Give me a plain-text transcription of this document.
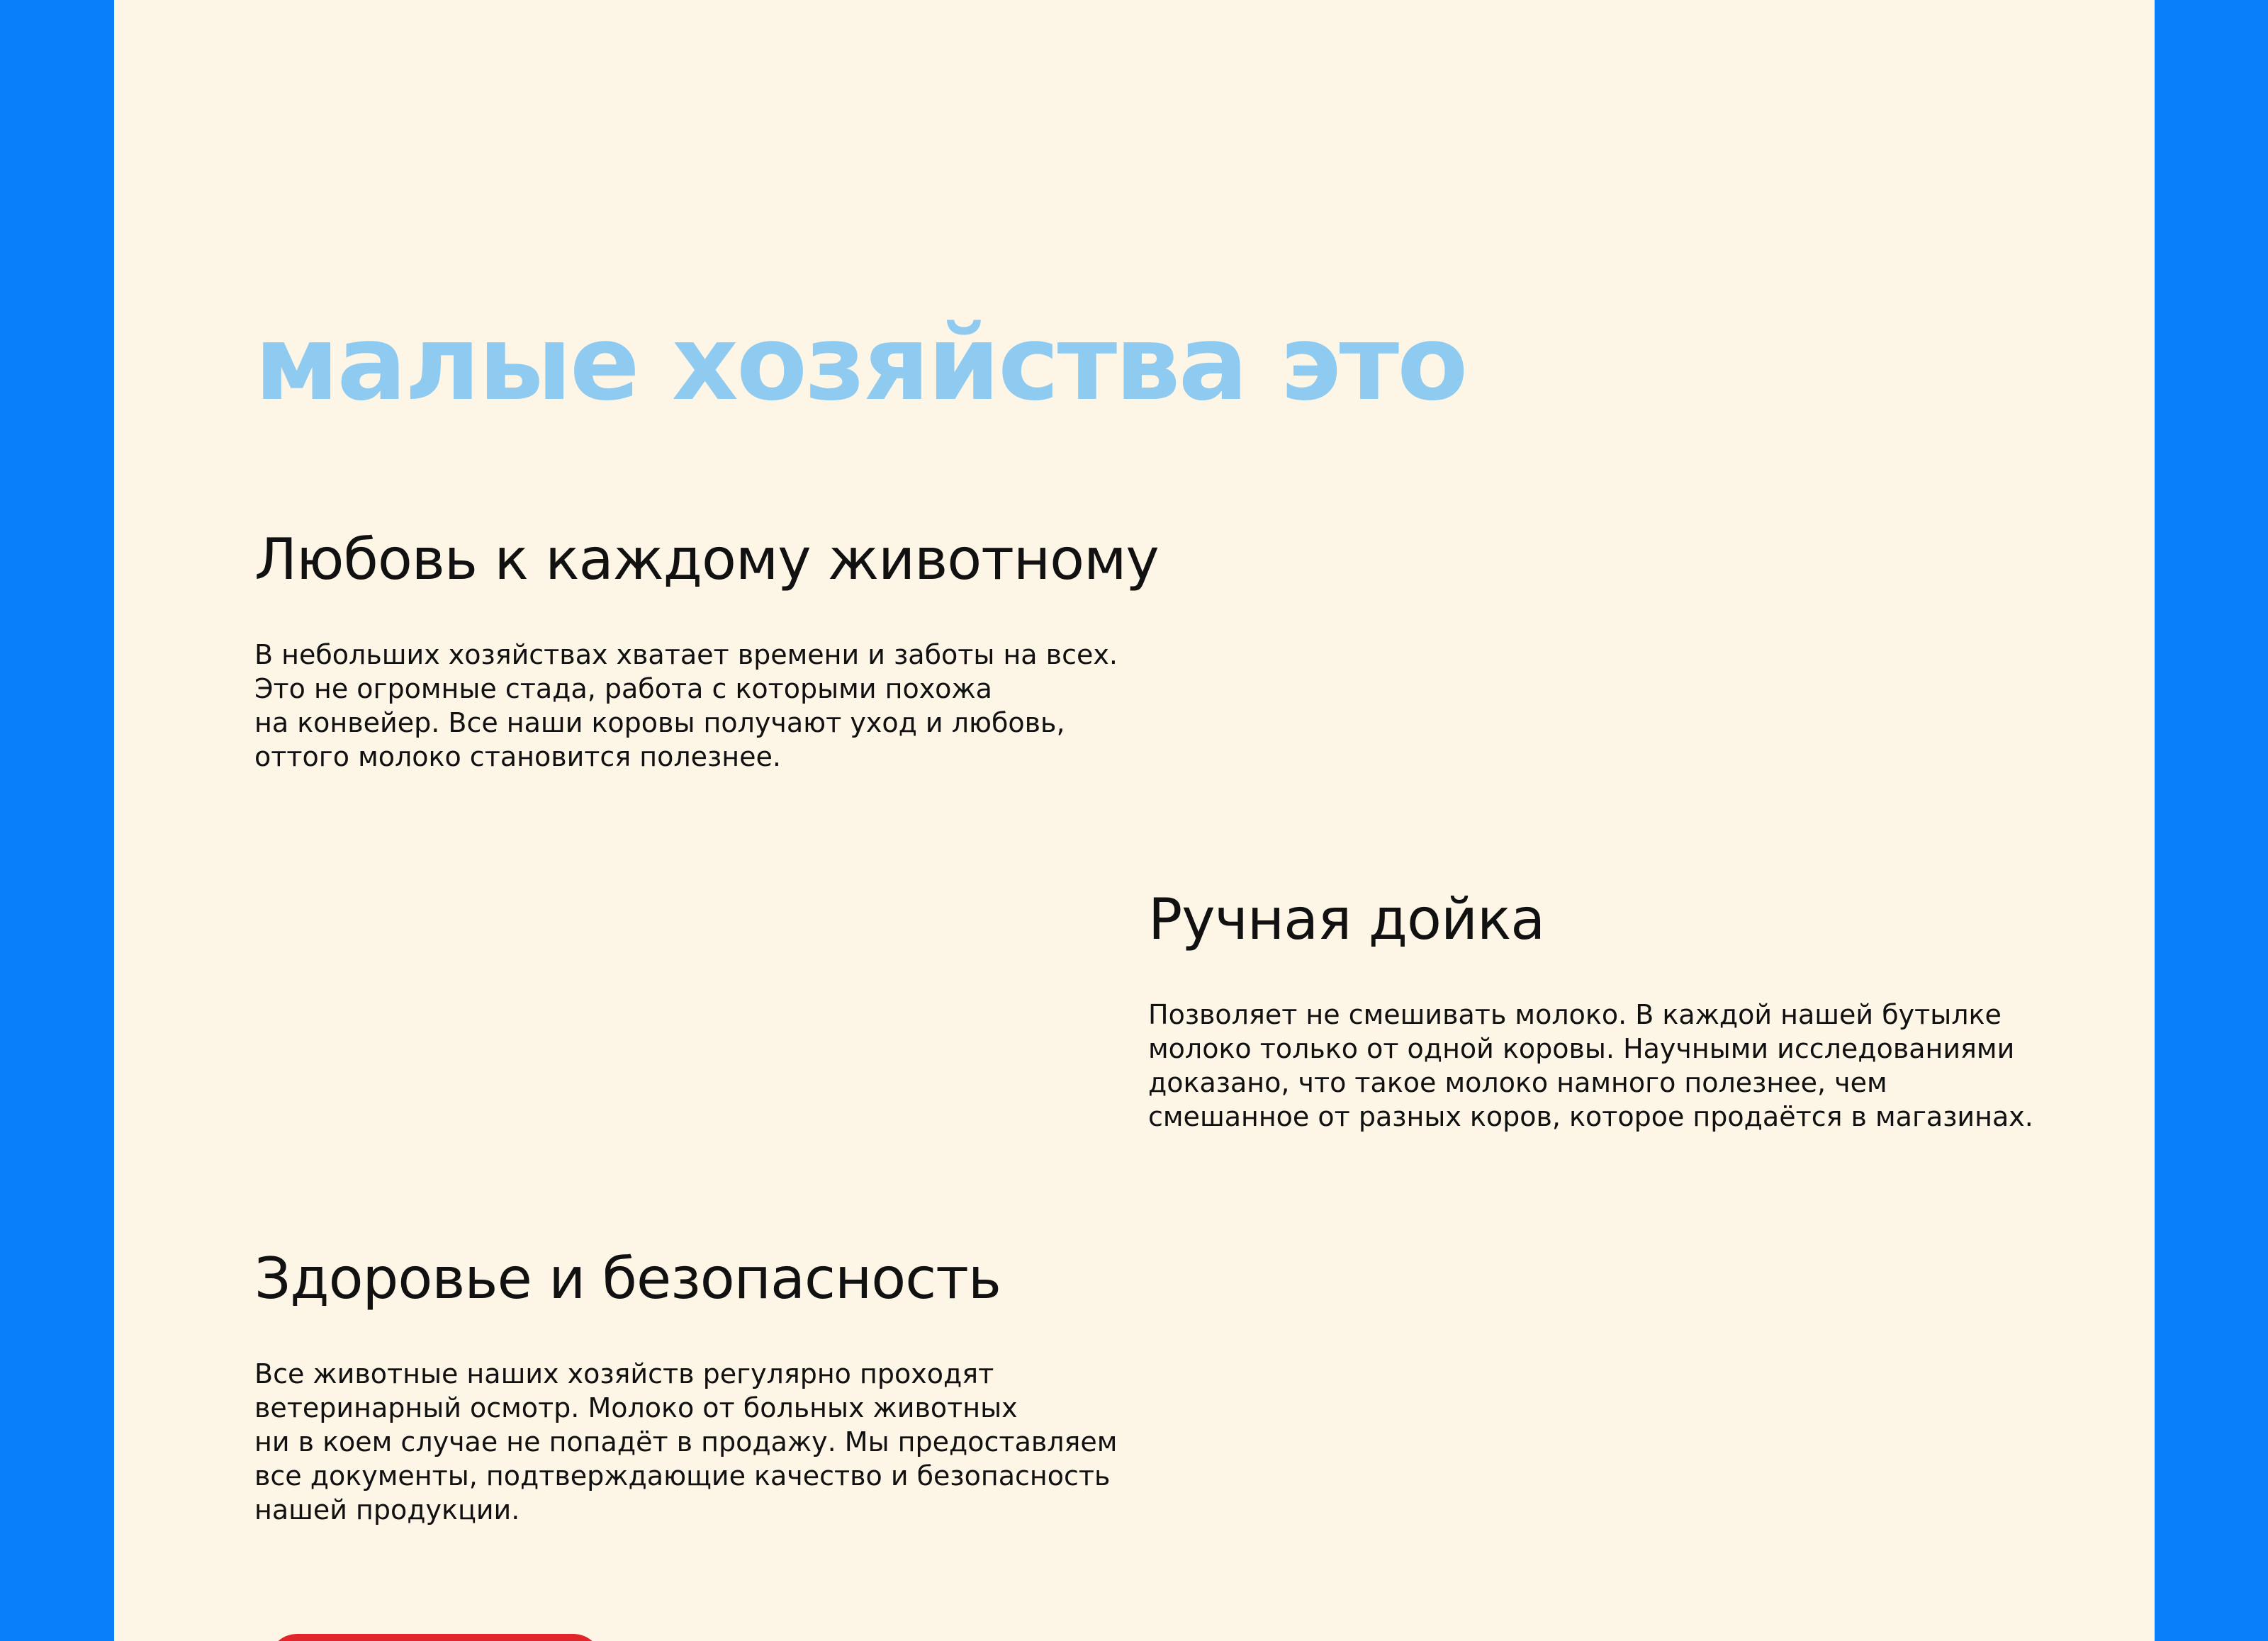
малые хозяйства это
Любовь к каждому животному

В небольших хозяйствах хватает времени и заботы на всех.
Это не огромные стада, работа с которыми похожа
на конвейер. Все наши коровы получают уход и любовь,
оттого молоко становится полезнее.

Ручная дойка

Позволяет не смешивать молоко. В каждой нашей бутылке
молоко только от одной коровы. Научными исследованиями
доказано, что такое молоко намного полезнее, чем
смешанное от разных коров, которое продаётся в магазинах.

Здоровье и безопасность

Все животные наших хозяйств регулярно проходят
ветеринарный осмотр. Молоко от больных животных
ни в коем случае не попадёт в продажу. Мы предоставляем
все документы, подтверждающие качество и безопасность
нашей продукции.
